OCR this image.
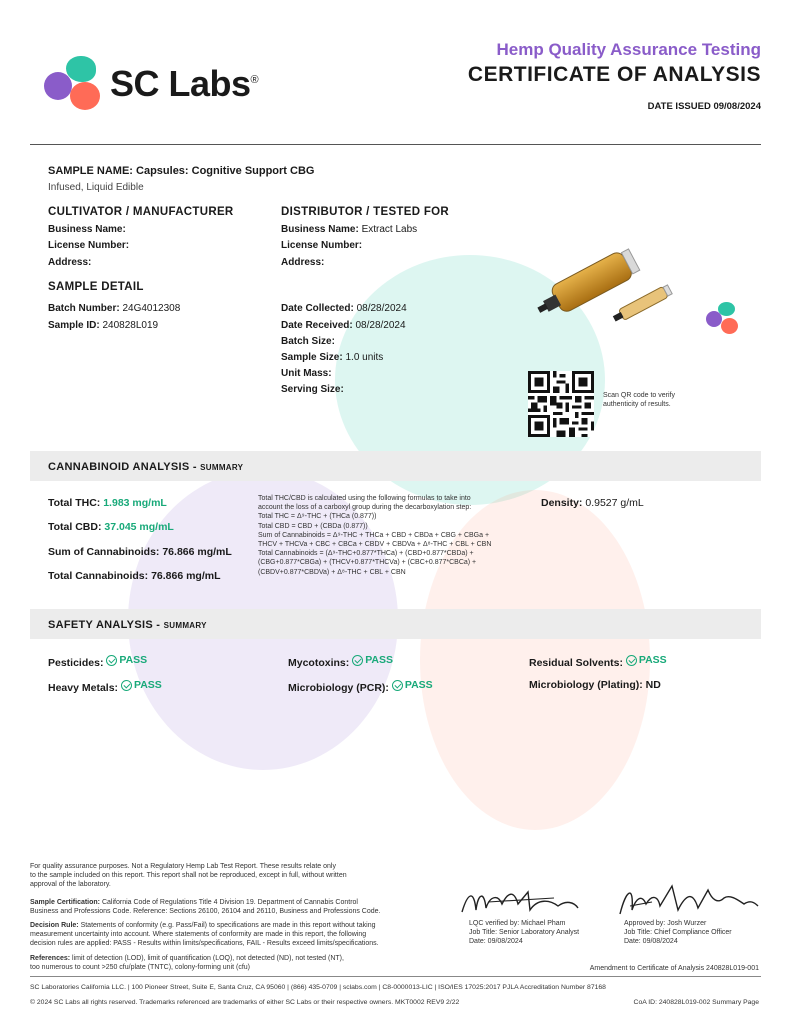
SC Labs®
Hemp Quality Assurance Testing
CERTIFICATE OF ANALYSIS
DATE ISSUED 09/08/2024
SAMPLE NAME: Capsules: Cognitive Support CBG
Infused, Liquid Edible
CULTIVATOR / MANUFACTURER
Business Name:
License Number:
Address:
DISTRIBUTOR / TESTED FOR
Business Name: Extract Labs
License Number:
Address:
SAMPLE DETAIL
Batch Number: 24G4012308
Sample ID: 240828L019
Date Collected: 08/28/2024
Date Received: 08/28/2024
Batch Size:
Sample Size: 1.0 units
Unit Mass:
Serving Size:
Scan QR code to verify authenticity of results.
CANNABINOID ANALYSIS - SUMMARY
Total THC: 1.983 mg/mL
Total CBD: 37.045 mg/mL
Sum of Cannabinoids: 76.866 mg/mL
Total Cannabinoids: 76.866 mg/mL
Total THC/CBD is calculated using the following formulas to take into
account the loss of a carboxyl group during the decarboxylation step:
Total THC = Δ⁹-THC + (THCa (0.877))
Total CBD = CBD + (CBDa (0.877))
Sum of Cannabinoids = Δ⁹-THC + THCa + CBD + CBDa + CBG + CBGa +
THCV + THCVa + CBC + CBCa + CBDV + CBDVa + Δ⁸-THC + CBL + CBN
Total Cannabinoids = (Δ⁹-THC+0.877*THCa) + (CBD+0.877*CBDa) +
(CBG+0.877*CBGa) + (THCV+0.877*THCVa) + (CBC+0.877*CBCa) +
(CBDV+0.877*CBDVa) + Δ⁸-THC + CBL + CBN
Density: 0.9527 g/mL
SAFETY ANALYSIS - SUMMARY
Pesticides: PASS	Mycotoxins: PASS	Residual Solvents: PASS
Heavy Metals: PASS	Microbiology (PCR): PASS	Microbiology (Plating): ND
For quality assurance purposes. Not a Regulatory Hemp Lab Test Report. These results relate only
to the sample included on this report. This report shall not be reproduced, except in full, without written
approval of the laboratory.
Sample Certification: California Code of Regulations Title 4 Division 19. Department of Cannabis Control
Business and Professions Code. Reference: Sections 26100, 26104 and 26110, Business and Professions Code.
Decision Rule: Statements of conformity (e.g. Pass/Fail) to specifications are made in this report without taking
measurement uncertainty into account. Where statements of conformity are made in this report, the following
decision rules are applied: PASS - Results within limits/specifications, FAIL - Results exceed limits/specifications.
References: limit of detection (LOD), limit of quantification (LOQ), not detected (ND), not tested (NT),
too numerous to count >250 cfu/plate (TNTC), colony-forming unit (cfu)
LQC verified by: Michael Pham
Job Title: Senior Laboratory Analyst
Date: 09/08/2024
Approved by: Josh Wurzer
Job Title: Chief Compliance Officer
Date: 09/08/2024
Amendment to Certificate of Analysis 240828L019-001
SC Laboratories California LLC. | 100 Pioneer Street, Suite E, Santa Cruz, CA 95060 | (866) 435-0709 | sclabs.com | C8-0000013-LIC | ISO/IES 17025:2017 PJLA Accreditation Number 87168
© 2024 SC Labs all rights reserved. Trademarks referenced are trademarks of either SC Labs or their respective owners. MKT0002 REV9 2/22	CoA ID: 240828L019-002 Summary Page
